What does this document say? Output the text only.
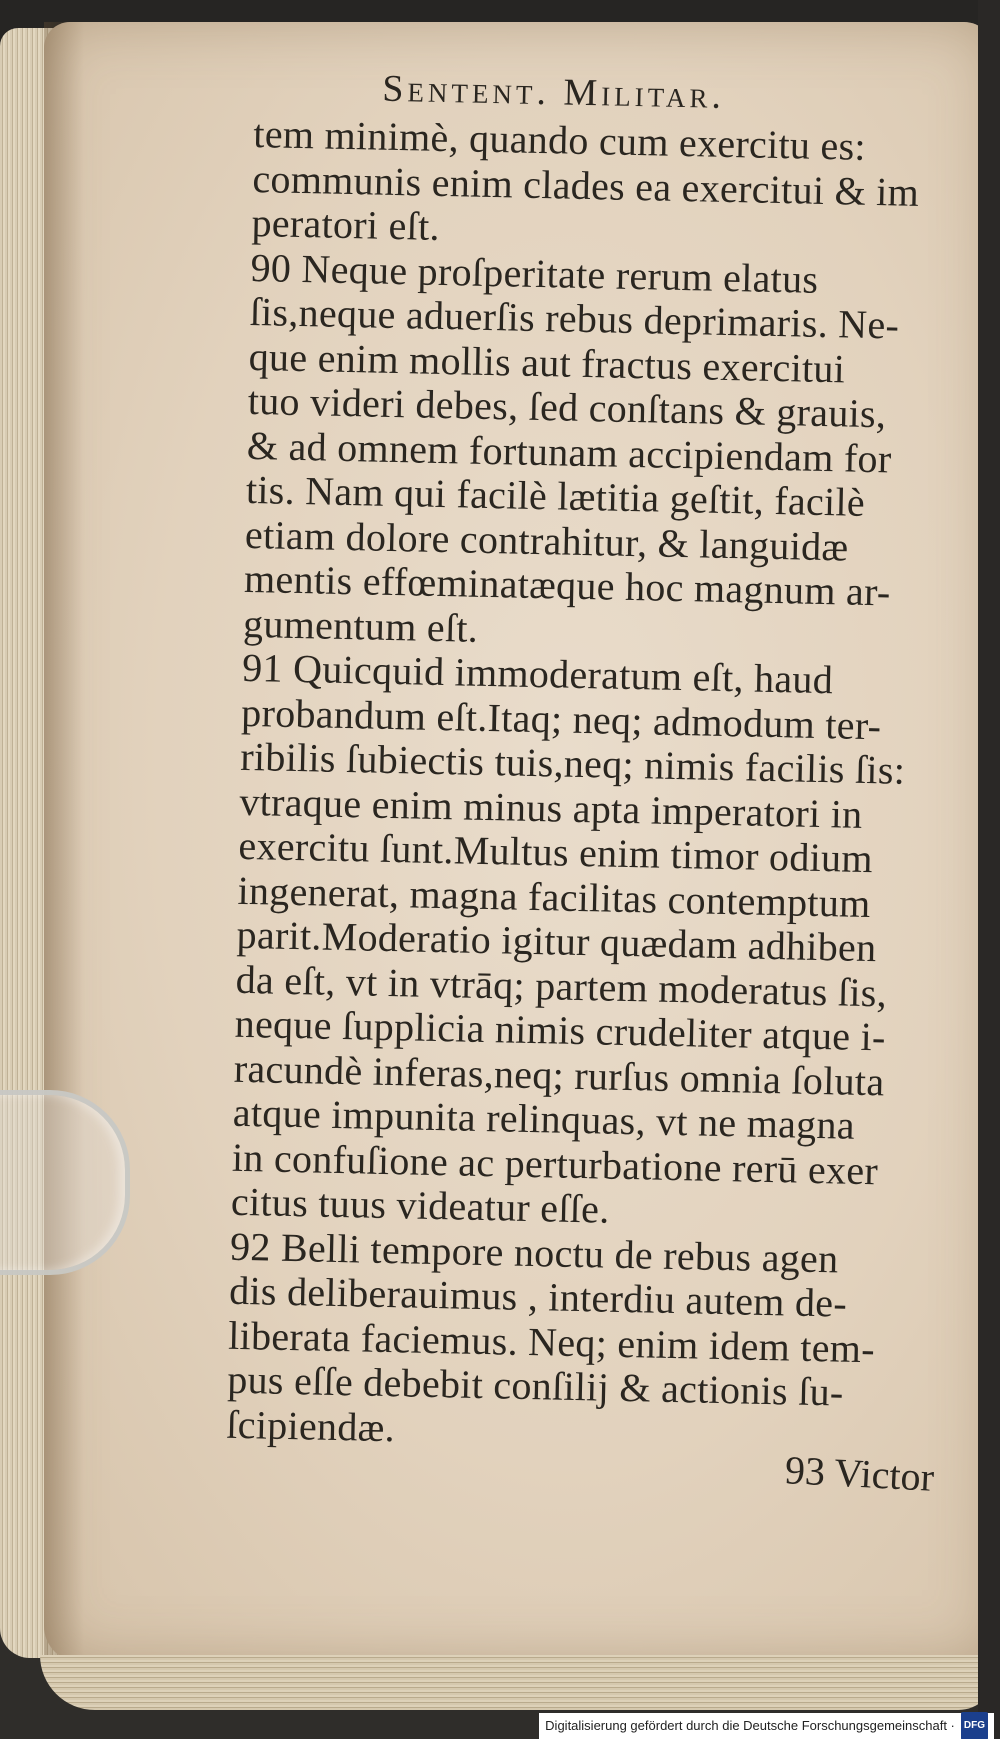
Sentent. Militar.
tem minimè, quando cum exercitu es:
communis enim clades ea exercitui & im
peratori eſt.
90 Neque proſperitate rerum elatus
ſis,neque aduerſis rebus deprimaris. Ne-
que enim mollis aut fractus exercitui
tuo videri debes, ſed conſtans & grauis,
& ad omnem fortunam accipiendam for
tis. Nam qui facilè lætitia geſtit, facilè
etiam dolore contrahitur, & languidæ
mentis effœminatæque hoc magnum ar-
gumentum eſt.
91 Quicquid immoderatum eſt, haud
probandum eſt.Itaq; neq; admodum ter-
ribilis ſubiectis tuis,neq; nimis facilis ſis:
vtraque enim minus apta imperatori in
exercitu ſunt.Multus enim timor odium
ingenerat, magna facilitas contemptum
parit.Moderatio igitur quædam adhiben
da eſt, vt in vtrāq; partem moderatus ſis,
neque ſupplicia nimis crudeliter atque i-
racundè inferas,neq; rurſus omnia ſoluta
atque impunita relinquas, vt ne magna
in confuſione ac perturbatione rerū exer
citus tuus videatur eſſe.
92 Belli tempore noctu de rebus agen
dis deliberauimus , interdiu autem de-
liberata faciemus. Neq; enim idem tem-
pus eſſe debebit conſilij & actionis ſu-
ſcipiendæ.
93 Victor
Digitalisierung gefördert durch die Deutsche Forschungsgemeinschaft · DFG
